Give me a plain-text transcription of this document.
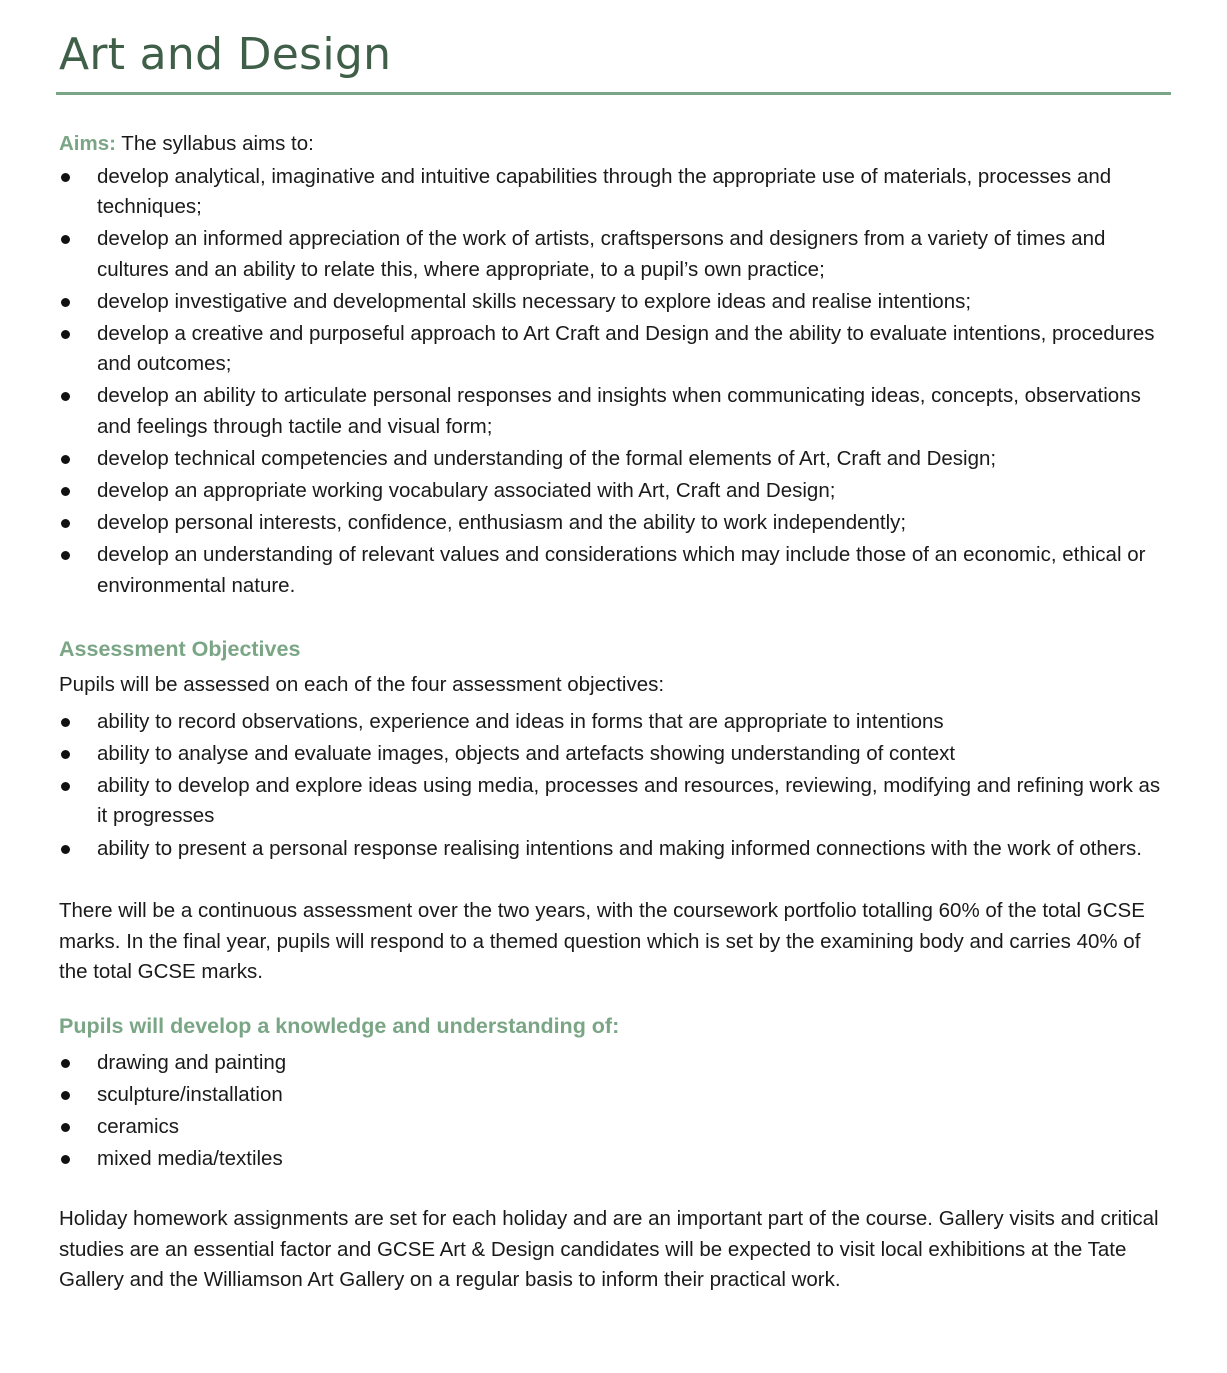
Art and Design

Aims: The syllabus aims to:

develop analytical, imaginative and intuitive capabilities through the appropriate use of materials, processes and techniques;
develop an informed appreciation of the work of artists, craftspersons and designers from a variety of times and cultures and an ability to relate this, where appropriate, to a pupil’s own practice;
develop investigative and developmental skills necessary to explore ideas and realise intentions;
develop a creative and purposeful approach to Art Craft and Design and the ability to evaluate intentions, procedures and outcomes;
develop an ability to articulate personal responses and insights when communicating ideas, concepts, observations and feelings through tactile and visual form;
develop technical competencies and understanding of the formal elements of Art, Craft and Design;
develop an appropriate working vocabulary associated with Art, Craft and Design;
develop personal interests, confidence, enthusiasm and the ability to work independently;
develop an understanding of relevant values and considerations which may include those of an economic, ethical or environmental nature.
Assessment Objectives

Pupils will be assessed on each of the four assessment objectives:

ability to record observations, experience and ideas in forms that are appropriate to intentions
ability to analyse and evaluate images, objects and artefacts showing understanding of context
ability to develop and explore ideas using media, processes and resources, reviewing, modifying and refining work as it progresses
ability to present a personal response realising intentions and making informed connections with the work of others.

There will be a continuous assessment over the two years, with the coursework portfolio totalling 60% of the total GCSE marks. In the final year, pupils will respond to a themed question which is set by the examining body and carries 40% of the total GCSE marks.

Pupils will develop a knowledge and understanding of:
drawing and painting
sculpture/installation
ceramics
mixed media/textiles

Holiday homework assignments are set for each holiday and are an important part of the course. Gallery visits and critical studies are an essential factor and GCSE Art & Design candidates will be expected to visit local exhibitions at the Tate Gallery and the Williamson Art Gallery on a regular basis to inform their practical work.
